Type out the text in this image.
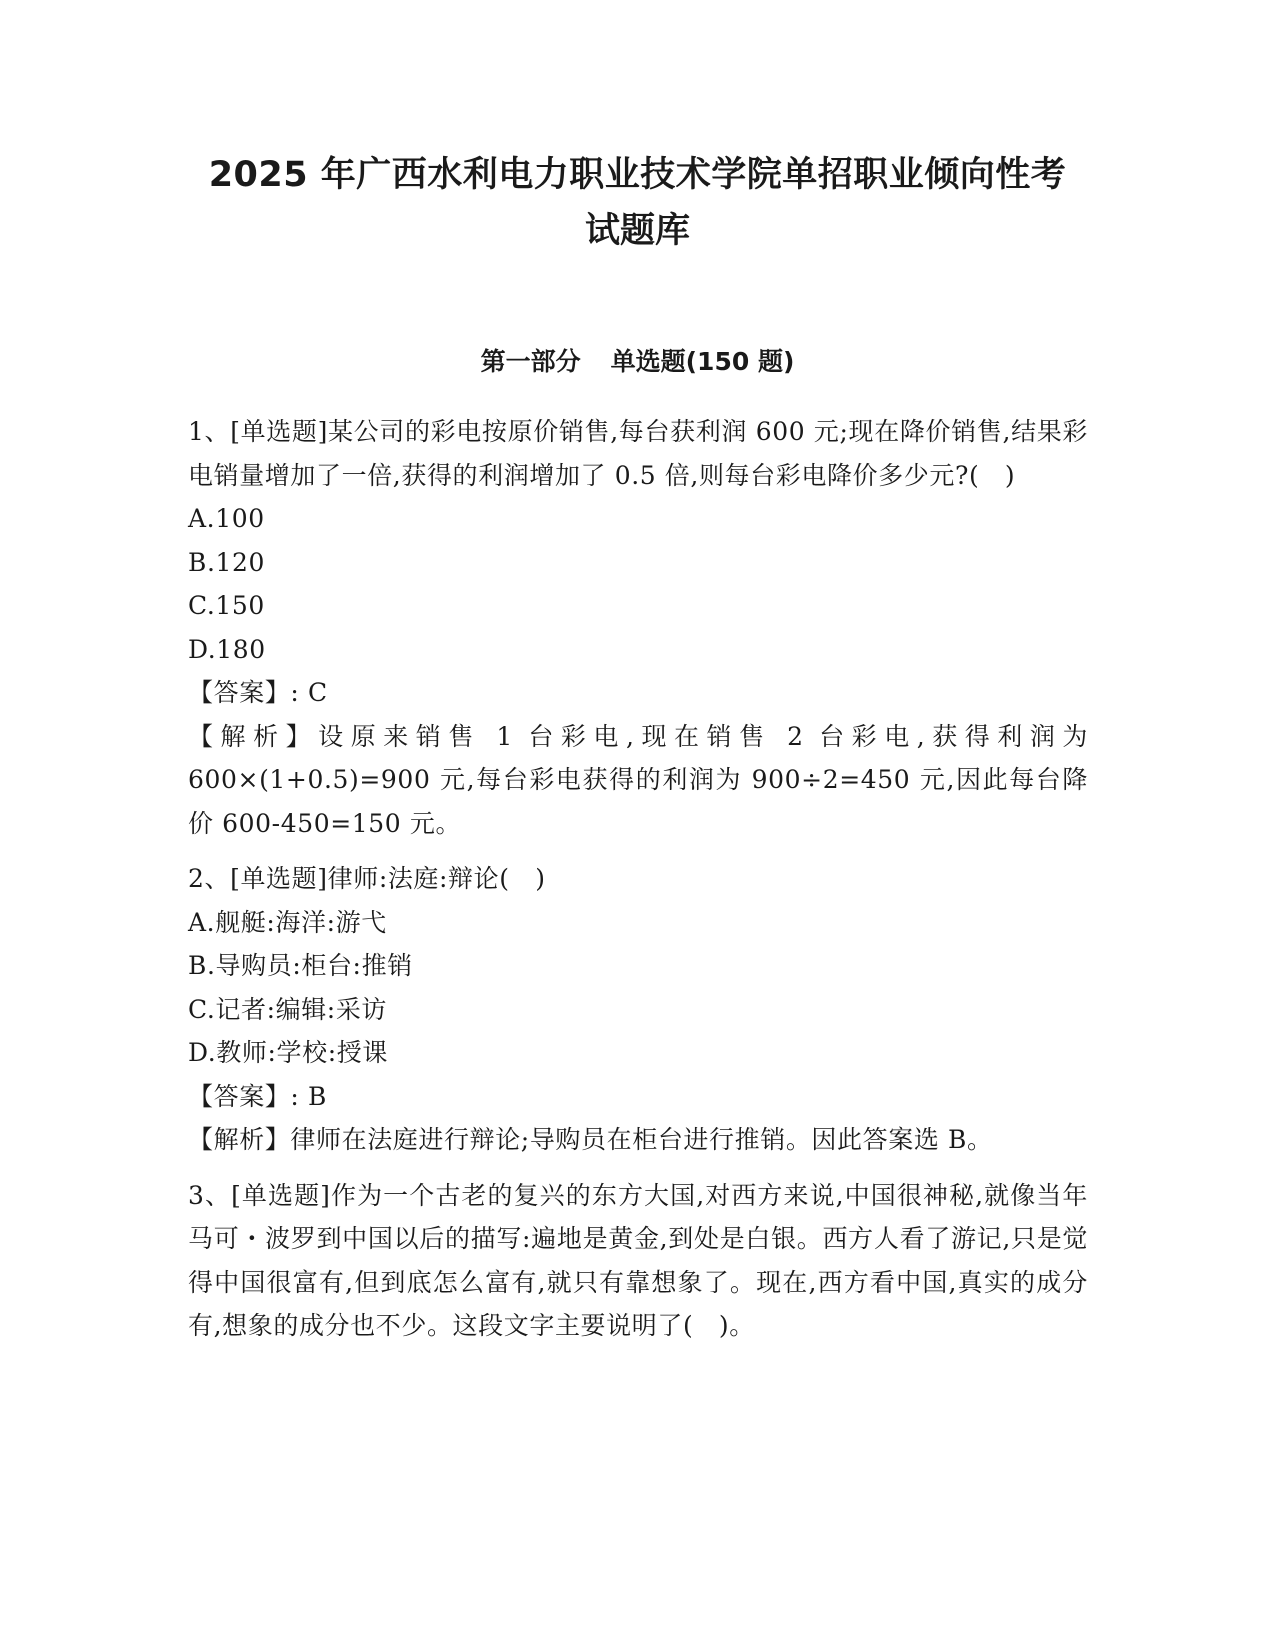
2025 年广西水利电力职业技术学院单招职业倾向性考
试题库
第一部分 单选题(150 题)

1、[单选题]某公司的彩电按原价销售,每台获利润 600 元;现在降价销售,结果彩电销量增加了一倍,获得的利润增加了 0.5 倍,则每台彩电降价多少元?(　)

A.100

B.120

C.150

D.180

【答案】: C

【解析】设原来销售 1 台彩电,现在销售 2 台彩电,获得利润为 600×(1+0.5)=900 元,每台彩电获得的利润为 900÷2=450 元,因此每台降价 600-450=150 元。

2、[单选题]律师:法庭:辩论(　)

A.舰艇:海洋:游弋

B.导购员:柜台:推销

C.记者:编辑:采访

D.教师:学校:授课

【答案】: B

【解析】律师在法庭进行辩论;导购员在柜台进行推销。因此答案选 B。

3、[单选题]作为一个古老的复兴的东方大国,对西方来说,中国很神秘,就像当年马可・波罗到中国以后的描写:遍地是黄金,到处是白银。西方人看了游记,只是觉得中国很富有,但到底怎么富有,就只有靠想象了。现在,西方看中国,真实的成分有,想象的成分也不少。这段文字主要说明了(　)。
